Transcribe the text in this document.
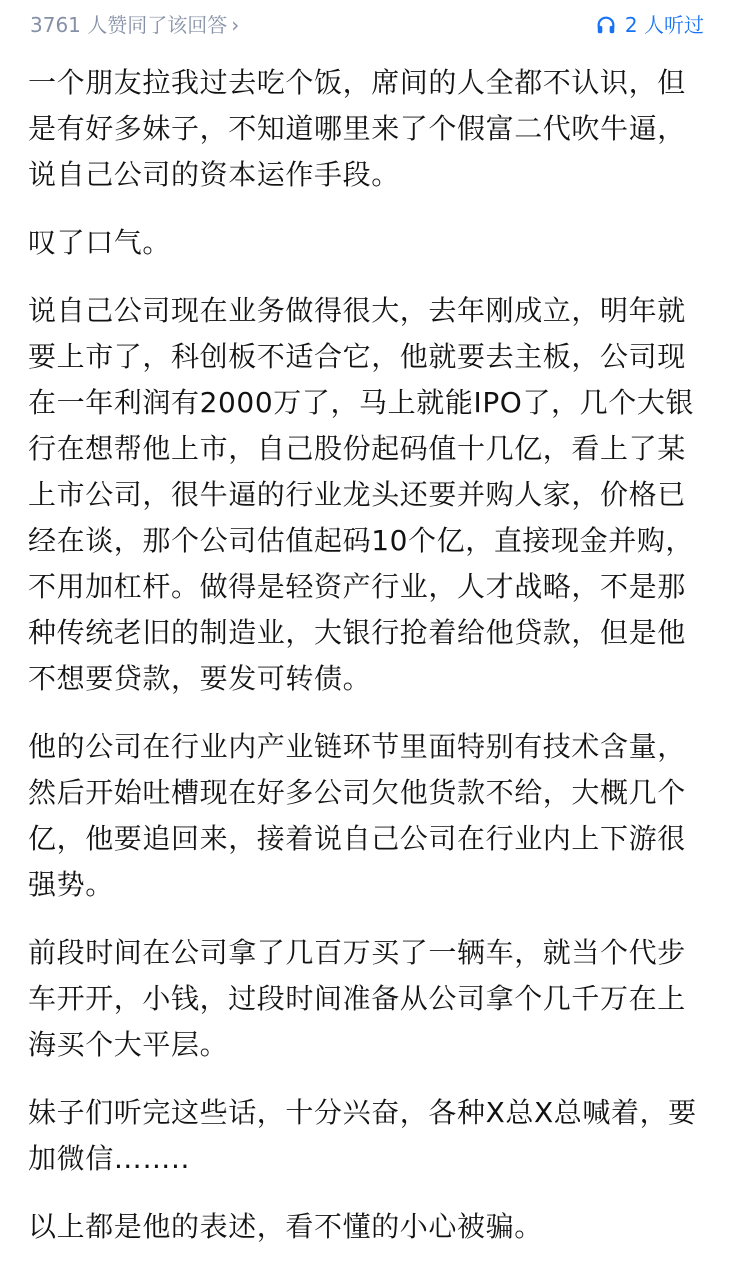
3761 人赞同了该回答 ›	2 人听过

一个朋友拉我过去吃个饭，席间的人全都不认识，但是有好多妹子，不知道哪里来了个假富二代吹牛逼，说自己公司的资本运作手段。

叹了口气。

说自己公司现在业务做得很大，去年刚成立，明年就要上市了，科创板不适合它，他就要去主板，公司现在一年利润有2000万了，马上就能IPO了，几个大银行在想帮他上市，自己股份起码值十几亿，看上了某上市公司，很牛逼的行业龙头还要并购人家，价格已经在谈，那个公司估值起码10个亿，直接现金并购，不用加杠杆。做得是轻资产行业，人才战略，不是那种传统老旧的制造业，大银行抢着给他贷款，但是他不想要贷款，要发可转债。

他的公司在行业内产业链环节里面特别有技术含量，然后开始吐槽现在好多公司欠他货款不给，大概几个亿，他要追回来，接着说自己公司在行业内上下游很强势。

前段时间在公司拿了几百万买了一辆车，就当个代步车开开，小钱，过段时间准备从公司拿个几千万在上海买个大平层。

妹子们听完这些话，十分兴奋，各种X总X总喊着，要加微信……..

以上都是他的表述，看不懂的小心被骗。
